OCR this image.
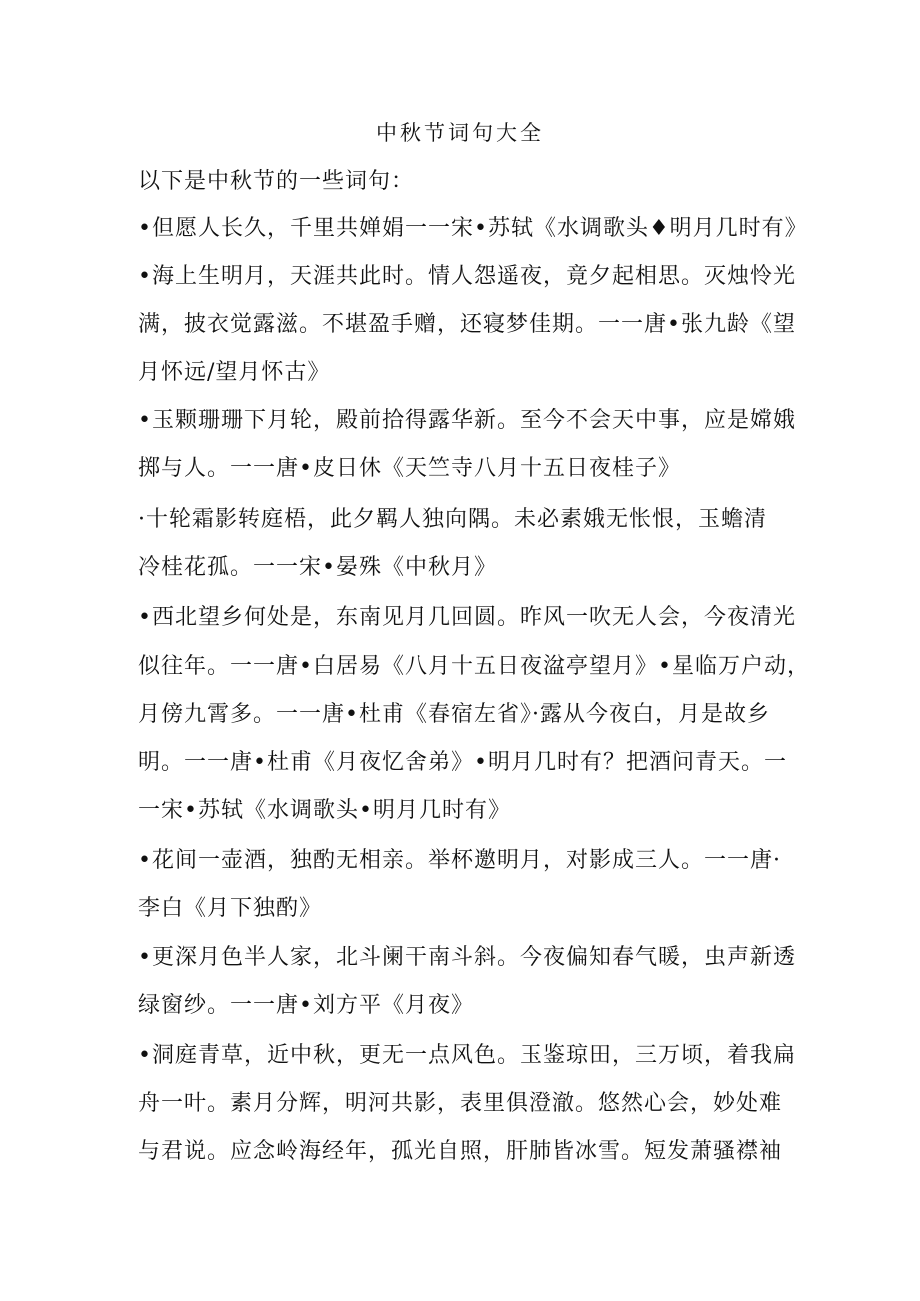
中秋节词句大全
以下是中秋节的一些词句：
•但愿人长久，千里共婵娟一一宋•苏轼《水调歌头♦明月几时有》
•海上生明月，天涯共此时。情人怨遥夜，竟夕起相思。灭烛怜光
满，披衣觉露滋。不堪盈手赠，还寝梦佳期。一一唐•张九龄《望
月怀远/望月怀古》
•玉颗珊珊下月轮，殿前拾得露华新。至今不会天中事，应是嫦娥
掷与人。一一唐•皮日休《天竺寺八月十五日夜桂子》
·十轮霜影转庭梧，此夕羁人独向隅。未必素娥无怅恨，玉蟾清
冷桂花孤。一一宋•晏殊《中秋月》
•西北望乡何处是，东南见月几回圆。昨风一吹无人会，今夜清光
似往年。一一唐•白居易《八月十五日夜湓亭望月》•星临万户动，
月傍九霄多。一一唐•杜甫《春宿左省》·露从今夜白，月是故乡
明。一一唐•杜甫《月夜忆舍弟》•明月几时有？把酒问青天。一
一宋•苏轼《水调歌头•明月几时有》
•花间一壶酒，独酌无相亲。举杯邀明月，对影成三人。一一唐·
李白《月下独酌》
•更深月色半人家，北斗阑干南斗斜。今夜偏知春气暖，虫声新透
绿窗纱。一一唐•刘方平《月夜》
•洞庭青草，近中秋，更无一点风色。玉鉴琼田，三万顷，着我扁
舟一叶。素月分辉，明河共影，表里俱澄澈。悠然心会，妙处难
与君说。应念岭海经年，孤光自照，肝肺皆冰雪。短发萧骚襟袖
